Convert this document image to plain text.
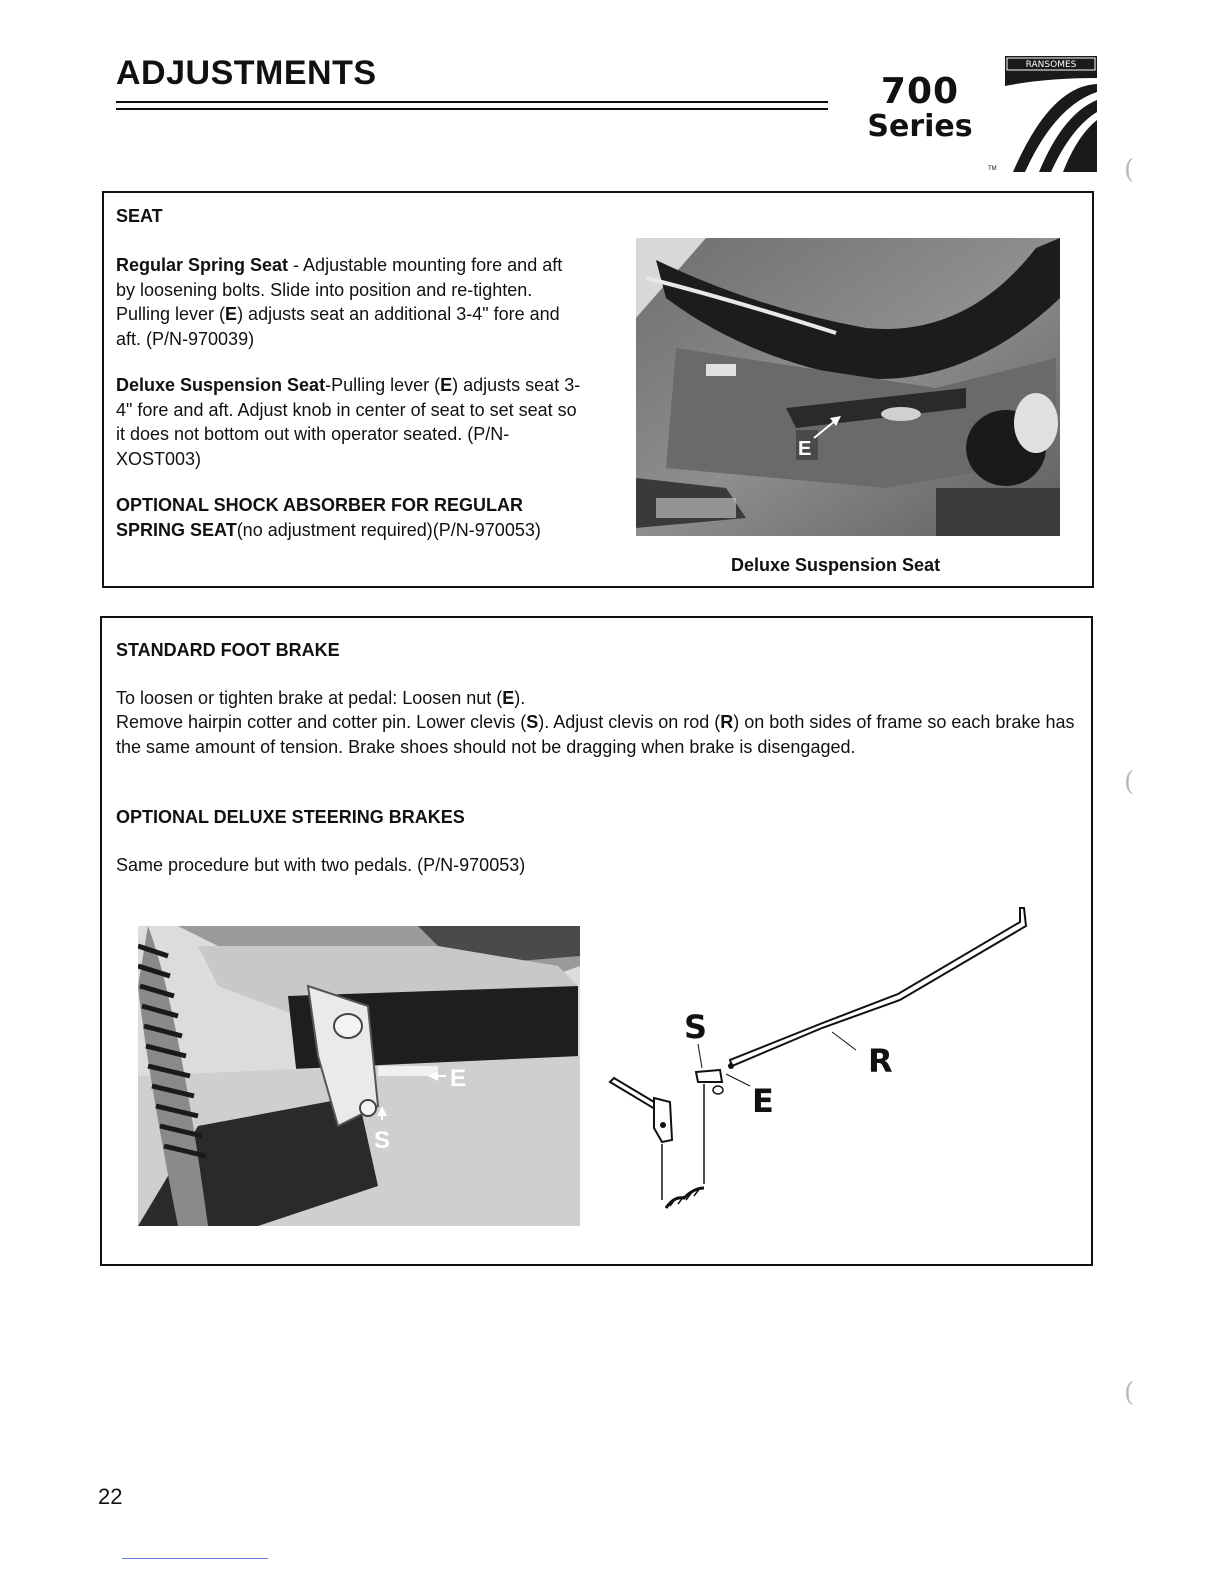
ADJUSTMENTS	700
Series
RANSOMES
TM
SEAT
Regular Spring Seat - Adjustable mounting fore and aft by loosening bolts. Slide into position and re-tighten. Pulling lever (E) adjusts seat an additional 3-4" fore and aft. (P/N-970039)
Deluxe Suspension Seat-Pulling lever (E) adjusts seat 3-4" fore and aft. Adjust knob in center of seat to set seat so it does not bottom out with operator seated. (P/N-XOST003)
OPTIONAL SHOCK ABSORBER FOR REGULAR SPRING SEAT(no adjustment required)(P/N-970053)
E
Deluxe Suspension Seat
STANDARD FOOT BRAKE
To loosen or tighten brake at pedal: Loosen nut (E).
Remove hairpin cotter and cotter pin. Lower clevis (S). Adjust clevis on rod (R) on both sides of frame so each brake has the same amount of tension. Brake shoes should not be dragging when brake is disengaged.
OPTIONAL DELUXE STEERING BRAKES
Same procedure but with two pedals. (P/N-970053)
E
S
S
R
E
(
(
(
22
